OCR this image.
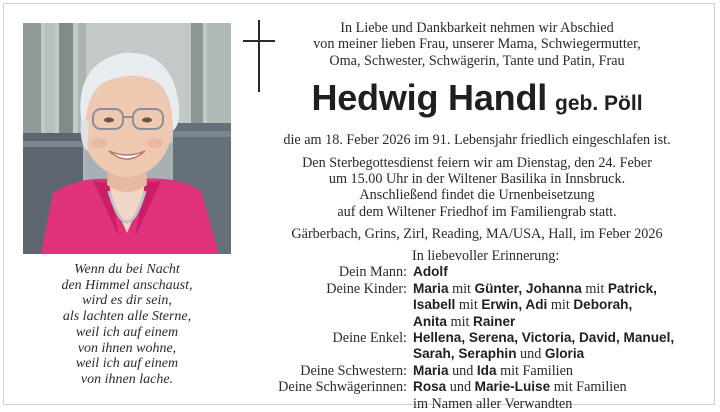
Wenn du bei Nacht
den Himmel anschaust,
wird es dir sein,
als lachten alle Sterne,
weil ich auf einem
von ihnen wohne,
weil ich auf einem
von ihnen lache.
In Liebe und Dankbarkeit nehmen wir Abschied
von meiner lieben Frau, unserer Mama, Schwiegermutter,
Oma, Schwester, Schwägerin, Tante und Patin, Frau
Hedwig Handl geb. Pöll
die am 18. Feber 2026 im 91. Lebensjahr friedlich eingeschlafen ist.
Den Sterbegottesdienst feiern wir am Dienstag, den 24. Feber
um 15.00 Uhr in der Wiltener Basilika in Innsbruck.
Anschließend findet die Urnenbeisetzung
auf dem Wiltener Friedhof im Familiengrab statt.
Gärberbach, Grins, Zirl, Reading, MA/USA, Hall, im Feber 2026
In liebevoller Erinnerung:
Dein Mann: Adolf
Deine Kinder: Maria mit Günter, Johanna mit Patrick,
Isabell mit Erwin, Adi mit Deborah,
Anita mit Rainer
Deine Enkel: Hellena, Serena, Victoria, David, Manuel,
Sarah, Seraphin und Gloria
Deine Schwestern: Maria und Ida mit Familien
Deine Schwägerinnen: Rosa und Marie-Luise mit Familien
im Namen aller Verwandten
